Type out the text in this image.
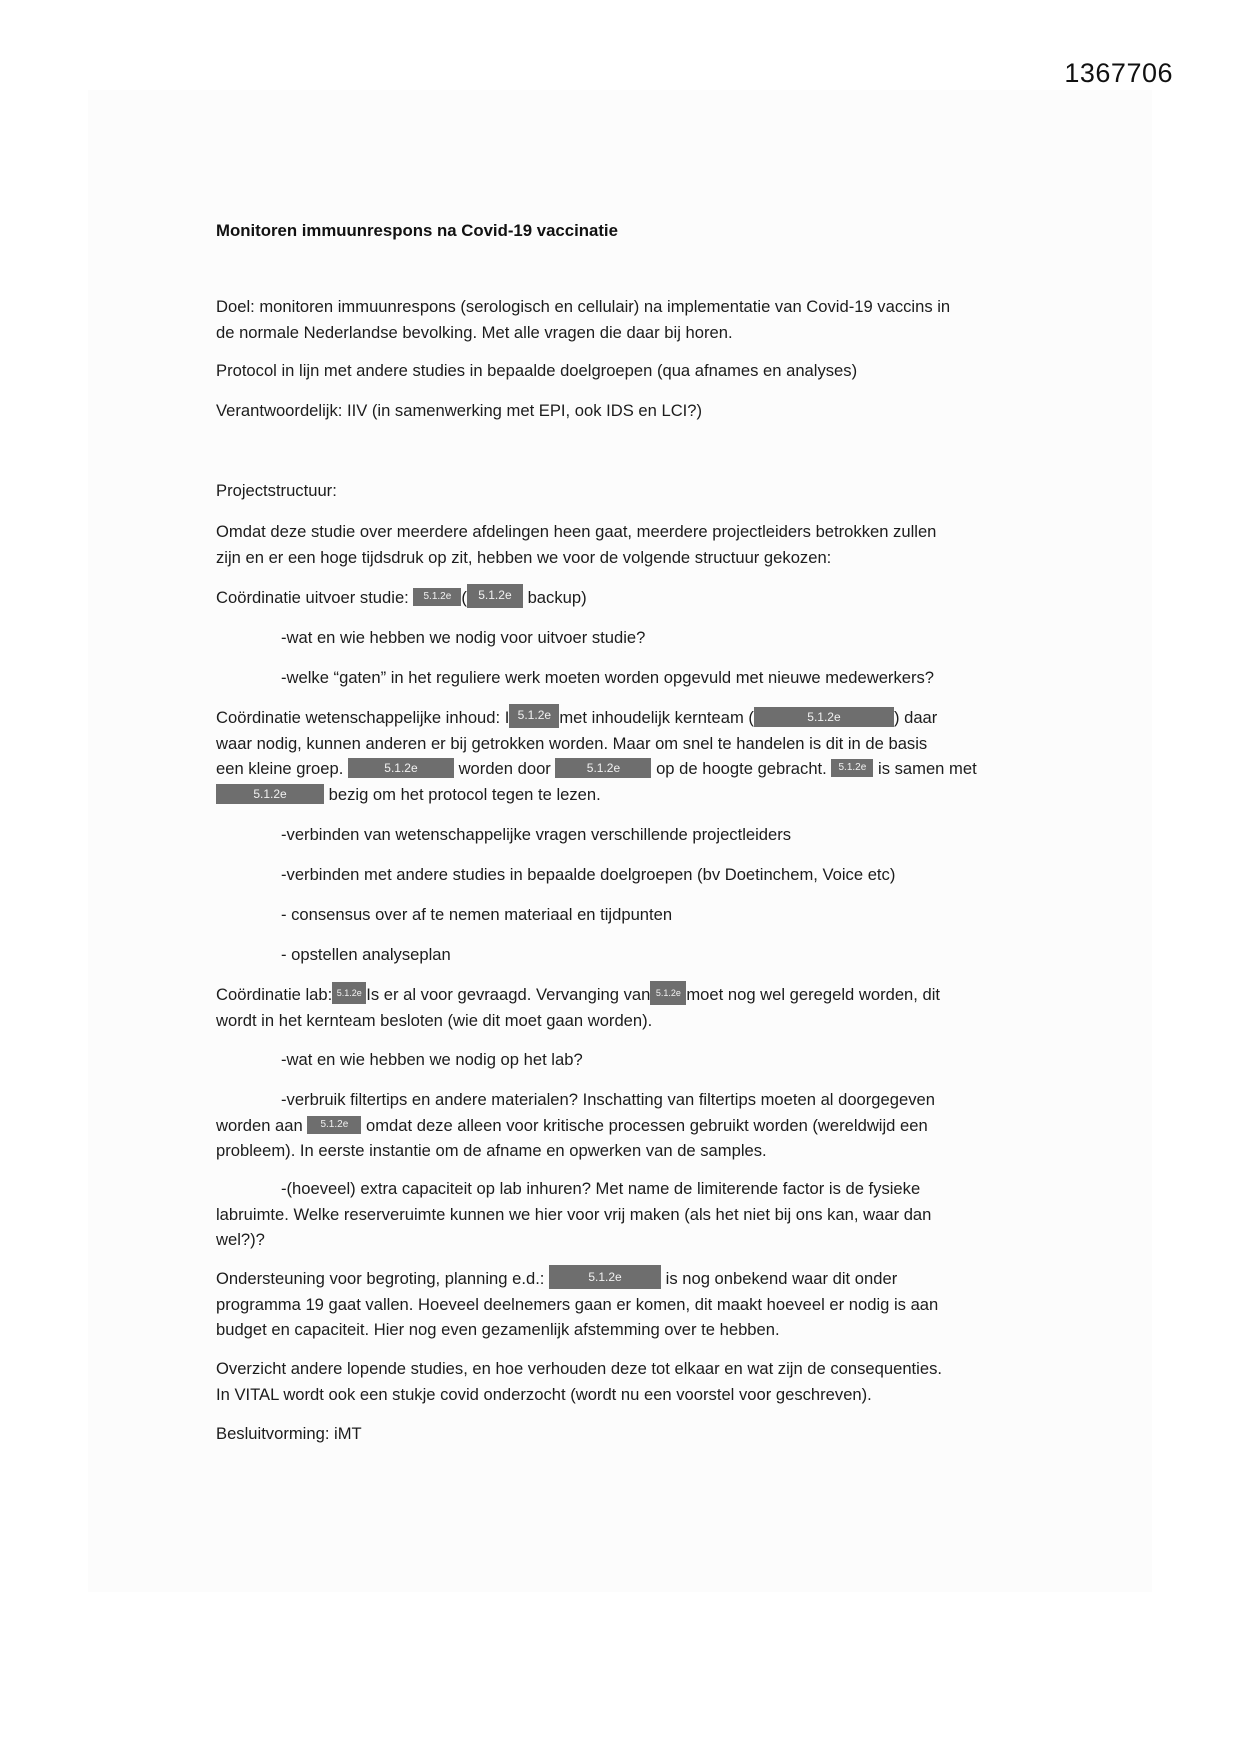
1367706
Monitoren immuunrespons na Covid-19 vaccinatie
Doel: monitoren immuunrespons (serologisch en cellulair) na implementatie van Covid-19 vaccins in
de normale Nederlandse bevolking. Met alle vragen die daar bij horen.
Protocol in lijn met andere studies in bepaalde doelgroepen (qua afnames en analyses)
Verantwoordelijk: IIV (in samenwerking met EPI, ook IDS en LCI?)
Projectstructuur:
Omdat deze studie over meerdere afdelingen heen gaat, meerdere projectleiders betrokken zullen
zijn en er een hoge tijdsdruk op zit, hebben we voor de volgende structuur gekozen:
Coördinatie uitvoer studie: 5.1.2e ( 5.1.2e backup)
-wat en wie hebben we nodig voor uitvoer studie?
-welke “gaten” in het reguliere werk moeten worden opgevuld met nieuwe medewerkers?
Coördinatie wetenschappelijke inhoud: I 5.1.2e met inhoudelijk kernteam (	5.1.2e	) daar
waar nodig, kunnen anderen er bij getrokken worden. Maar om snel te handelen is dit in de basis
een kleine groep.	5.1.2e worden door	5.1.2e op de hoogte gebracht. 5.1.2e is samen met
5.1.2e	bezig om het protocol tegen te lezen.
-verbinden van wetenschappelijke vragen verschillende projectleiders
-verbinden met andere studies in bepaalde doelgroepen (bv Doetinchem, Voice etc)
- consensus over af te nemen materiaal en tijdpunten
- opstellen analyseplan
Coördinatie lab: 5.1.2e Is er al voor gevraagd. Vervanging van 5.1.2e moet nog wel geregeld worden, dit
wordt in het kernteam besloten (wie dit moet gaan worden).
-wat en wie hebben we nodig op het lab?
-verbruik filtertips en andere materialen? Inschatting van filtertips moeten al doorgegeven
worden aan 5.1.2e omdat deze alleen voor kritische processen gebruikt worden (wereldwijd een
probleem). In eerste instantie om de afname en opwerken van de samples.
-(hoeveel) extra capaciteit op lab inhuren? Met name de limiterende factor is de fysieke
labruimte. Welke reserveruimte kunnen we hier voor vrij maken (als het niet bij ons kan, waar dan
wel?)?
Ondersteuning voor begroting, planning e.d.:	5.1.2e	is nog onbekend waar dit onder
programma 19 gaat vallen. Hoeveel deelnemers gaan er komen, dit maakt hoeveel er nodig is aan
budget en capaciteit. Hier nog even gezamenlijk afstemming over te hebben.
Overzicht andere lopende studies, en hoe verhouden deze tot elkaar en wat zijn de consequenties.
In VITAL wordt ook een stukje covid onderzocht (wordt nu een voorstel voor geschreven).
Besluitvorming: iMT
